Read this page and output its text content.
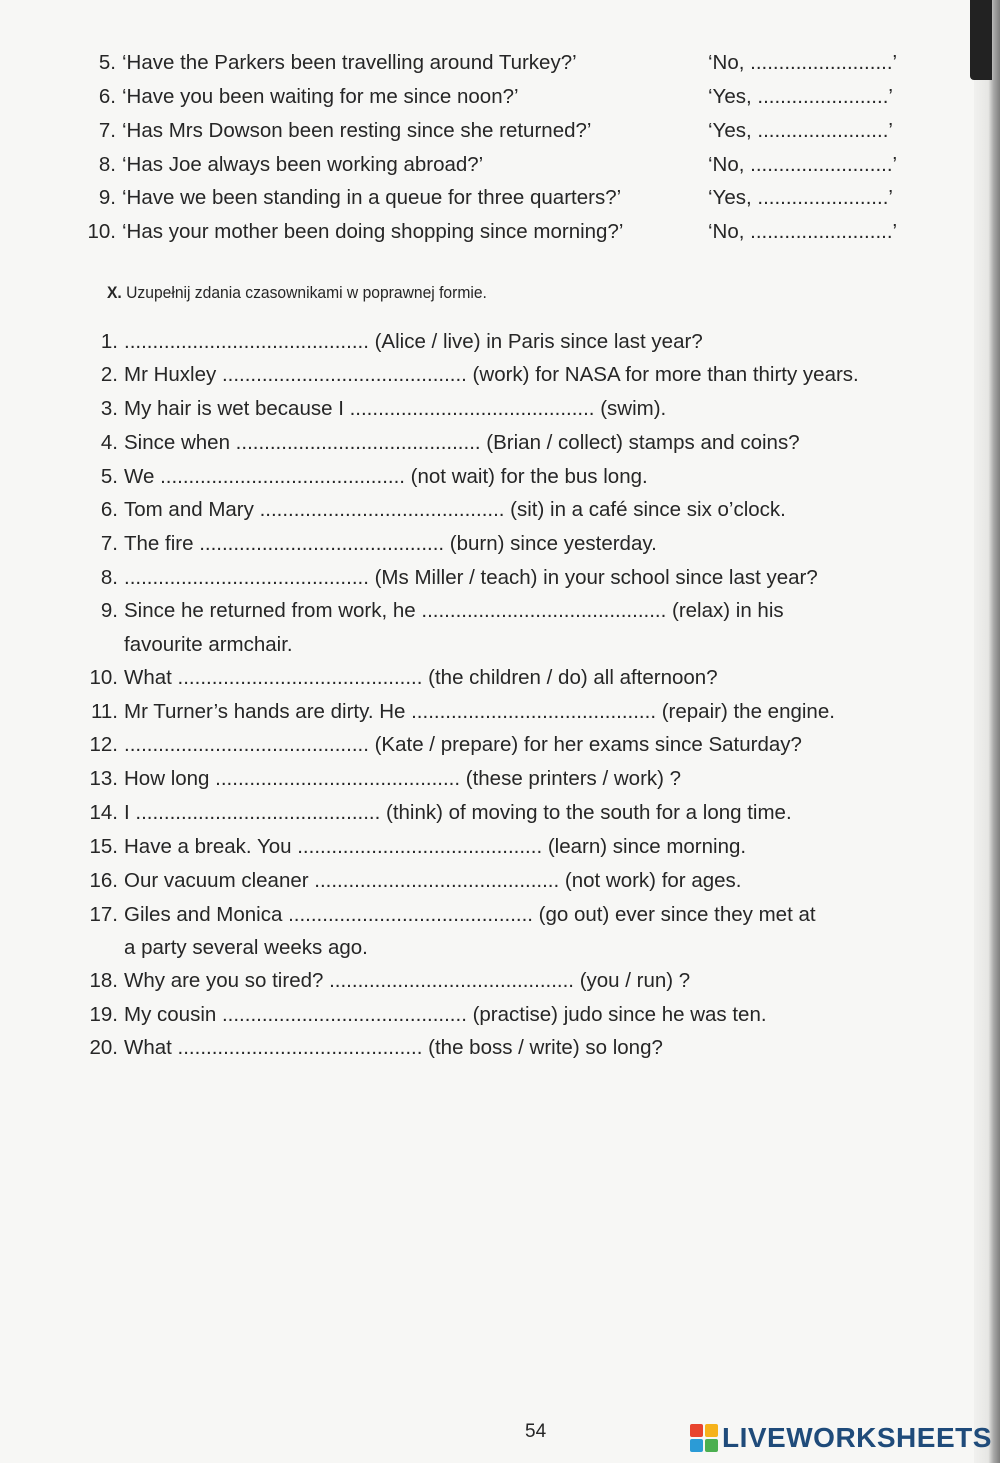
5. ‘Have the Parkers been travelling around Turkey?’	‘No, .........................’
6. ‘Have you been waiting for me since noon?’	‘Yes, .......................’
7. ‘Has Mrs Dowson been resting since she returned?’	‘Yes, .......................’
8. ‘Has Joe always been working abroad?’	‘No, .........................’
9. ‘Have we been standing in a queue for three quarters?’	‘Yes, .......................’
10. ‘Has your mother been doing shopping since morning?’	‘No, .........................’
X. Uzupełnij zdania czasownikami w poprawnej formie.
1. ........................................... (Alice / live) in Paris since last year?
2. Mr Huxley ........................................... (work) for NASA for more than thirty years.
3. My hair is wet because I ........................................... (swim).
4. Since when ........................................... (Brian / collect) stamps and coins?
5. We ........................................... (not wait) for the bus long.
6. Tom and Mary ........................................... (sit) in a café since six o’clock.
7. The fire ........................................... (burn) since yesterday.
8. ........................................... (Ms Miller / teach) in your school since last year?
9. Since he returned from work, he ........................................... (relax) in his
favourite armchair.
10. What ........................................... (the children / do) all afternoon?
11. Mr Turner’s hands are dirty. He ........................................... (repair) the engine.
12. ........................................... (Kate / prepare) for her exams since Saturday?
13. How long ........................................... (these printers / work) ?
14. I ........................................... (think) of moving to the south for a long time.
15. Have a break. You ........................................... (learn) since morning.
16. Our vacuum cleaner ........................................... (not work) for ages.
17. Giles and Monica ........................................... (go out) ever since they met at
a party several weeks ago.
18. Why are you so tired? ........................................... (you / run) ?
19. My cousin ........................................... (practise) judo since he was ten.
20. What ........................................... (the boss / write) so long?
54	LIVEWORKSHEETS
